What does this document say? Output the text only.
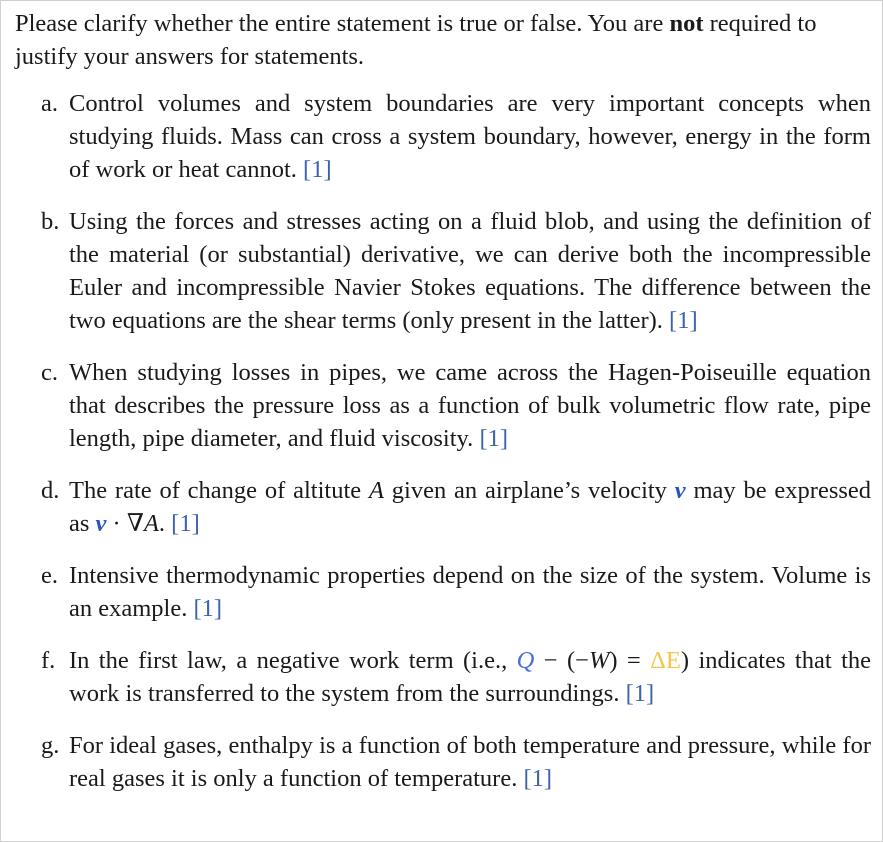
Please clarify whether the entire statement is true or false. You are not required to justify your answers for statements.
a. Control volumes and system boundaries are very important concepts when studying fluids. Mass can cross a system boundary, however, energy in the form of work or heat cannot. [1]
b. Using the forces and stresses acting on a fluid blob, and using the definition of the material (or substantial) derivative, we can derive both the incompressible Euler and incompressible Navier Stokes equations. The difference between the two equations are the shear terms (only present in the latter). [1]
c. When studying losses in pipes, we came across the Hagen-Poiseuille equation that describes the pressure loss as a function of bulk volumetric flow rate, pipe length, pipe diameter, and fluid viscosity. [1]
d. The rate of change of altitute A given an airplane’s velocity v may be expressed as v · ∇A. [1]
e. Intensive thermodynamic properties depend on the size of the system. Volume is an example. [1]
f. In the first law, a negative work term (i.e., Q − (−W) = ΔE) indicates that the work is transferred to the system from the surroundings. [1]
g. For ideal gases, enthalpy is a function of both temperature and pressure, while for real gases it is only a function of temperature. [1]
